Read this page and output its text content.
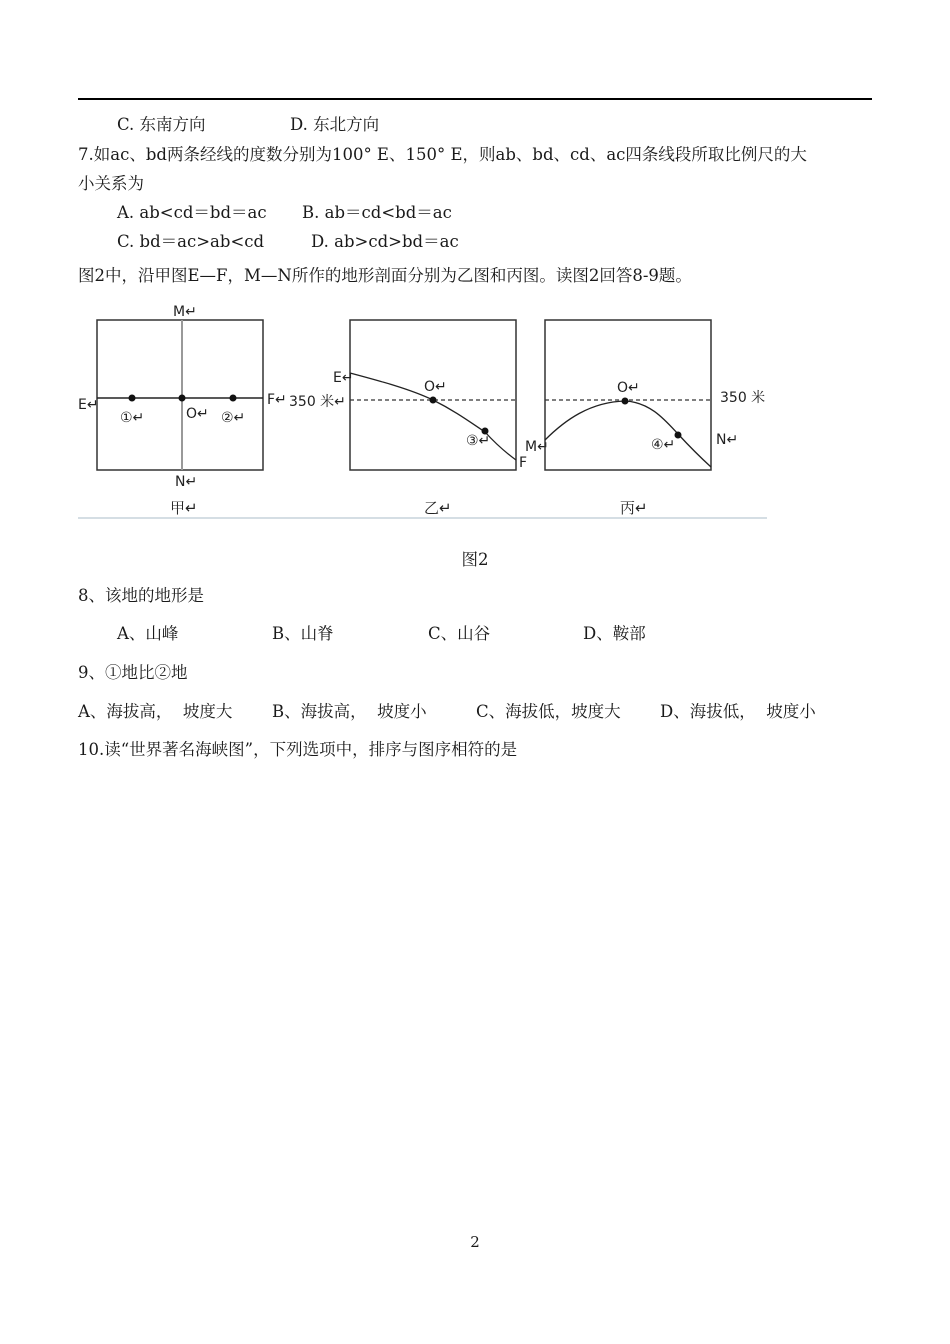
C. 东南方向	D. 东北方向
7.如ac、bd两条经线的度数分别为100° E、150° E，则ab、bd、cd、ac四条线段所取比例尺的大
小关系为
A. ab<cd＝bd＝ac B. ab＝cd<bd＝ac
C. bd＝ac>ab<cd	D. ab>cd>bd＝ac
图2中，沿甲图E—F，M—N所作的地形剖面分别为乙图和丙图。读图2回答8-9题。
M↵
N↵
E↵	F↵
①↵	O↵ ②↵
甲↵
E↵
350 米↵
O↵
③↵ M↵
F
乙↵
O↵
④↵
350 米
N↵
丙↵
图2
8、该地的地形是
A、山峰	B、山脊	C、山谷	D、鞍部
9、①地比②地
A、海拔高，  坡度大 B、海拔高，  坡度小	C、海拔低，坡度大 D、海拔低，  坡度小
10.读“世界著名海峡图”，下列选项中，排序与图序相符的是
2
